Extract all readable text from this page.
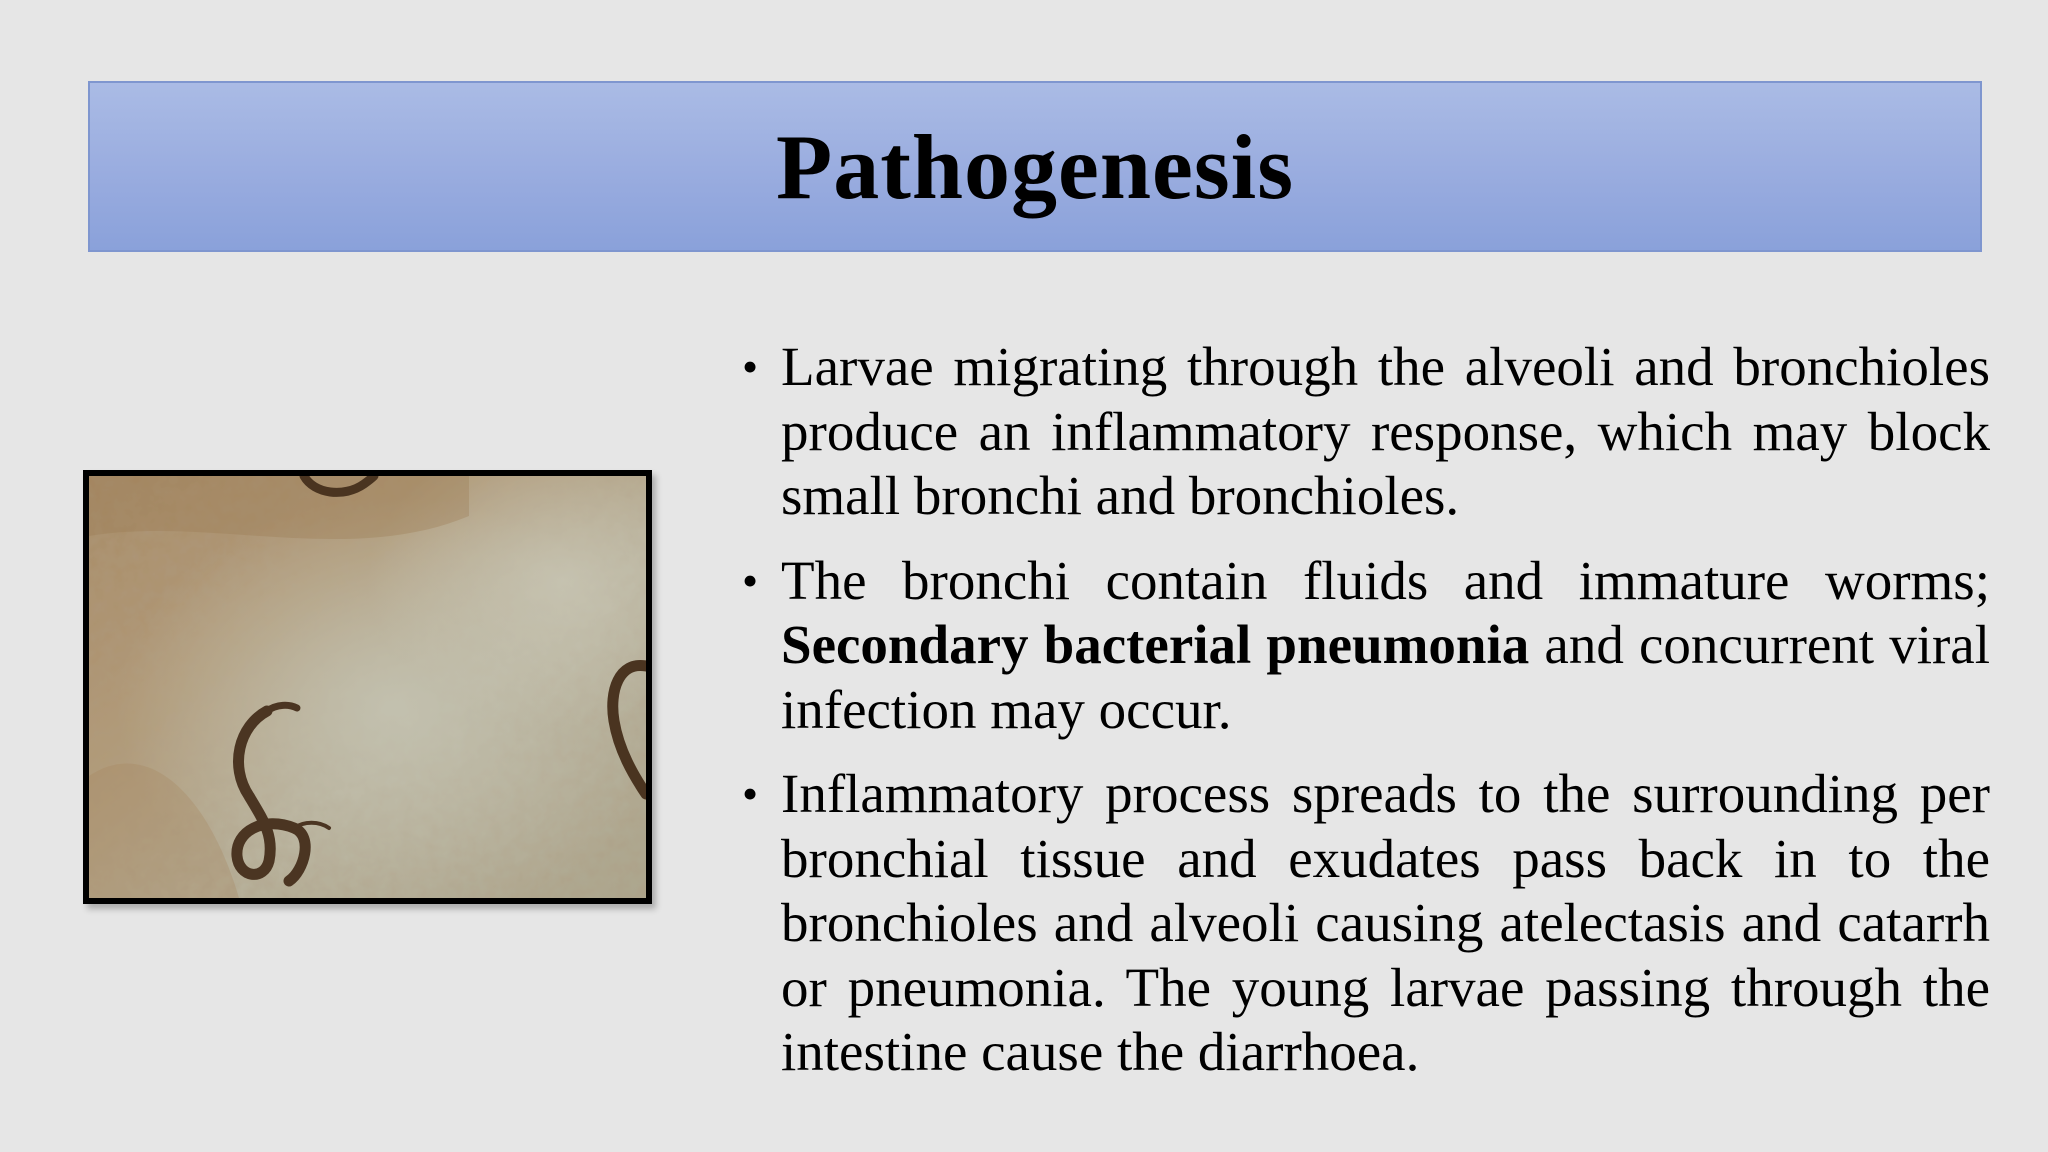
Pathogenesis
• Larvae migrating through the alveoli and bronchioles produce an inflammatory response, which may block small bronchi and bronchioles.
• The bronchi contain fluids and immature worms; Secondary bacterial pneumonia and concurrent viral infection may occur.
• Inflammatory process spreads to the surrounding per bronchial tissue and exudates pass back in to the bronchioles and alveoli causing atelectasis and catarrh or pneumonia. The young larvae passing through the intestine cause the diarrhoea.
